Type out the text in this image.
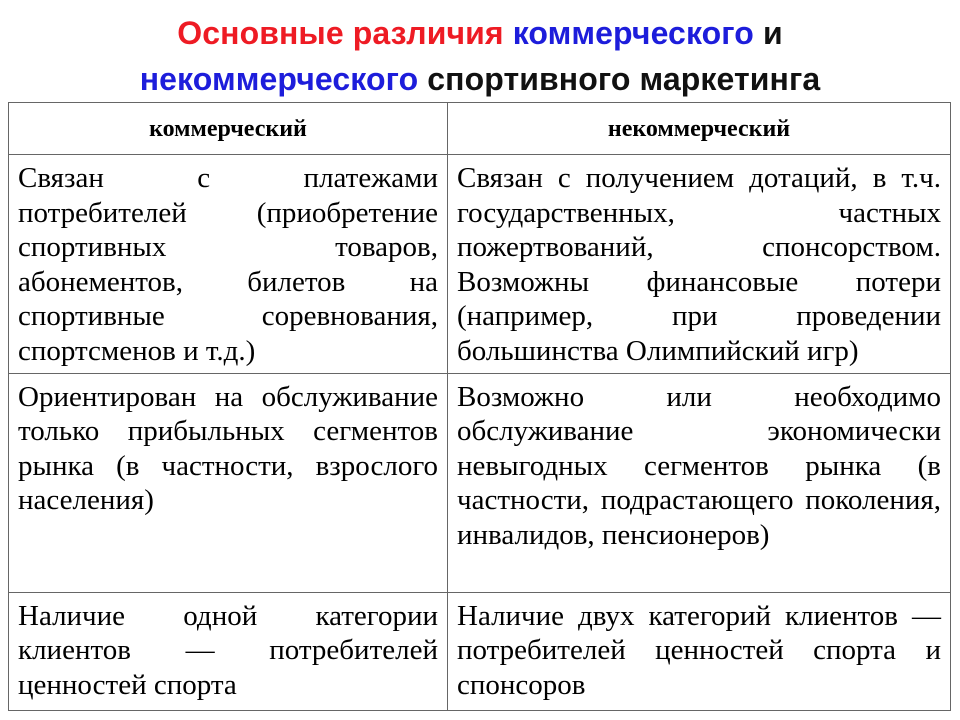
Основные различия коммерческого и
некоммерческого спортивного маркетинга
коммерческий	некоммерческий

Связан с платежами потребителей (приобретение спортивных товаров, абонементов, билетов на спортивные соревнования, спортсменов и т.д.)	Связан с получением дотаций, в т.ч. государственных, частных пожертвований, спонсорством. Возможны финансовые потери (например, при проведении большинства Олимпийский игр)

Ориентирован на обслуживание только прибыльных сегментов рынка (в частности, взрослого населения)	Возможно или необходимо обслуживание экономически невыгодных сегментов рынка (в частности, подрастающего поколения, инвалидов, пенсионеров)

Наличие одной категории клиентов — потребителей ценностей спорта	Наличие двух категорий клиентов — потребителей ценностей спорта и спонсоров
